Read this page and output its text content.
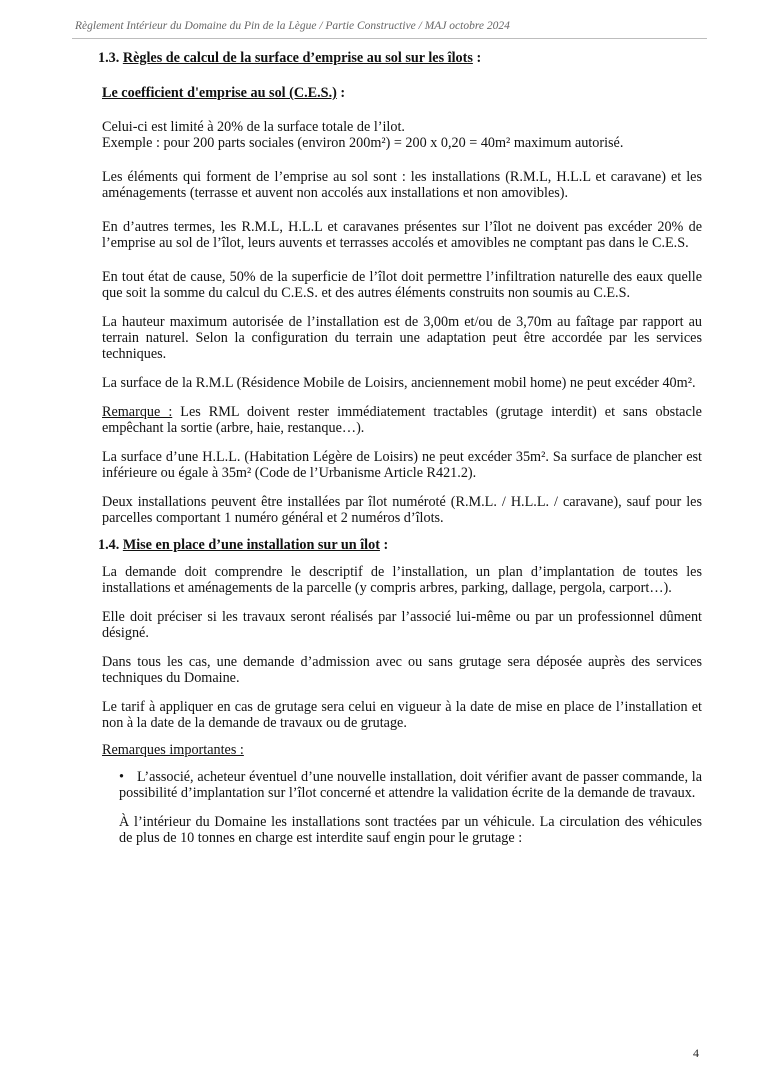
Règlement Intérieur du Domaine du Pin de la Lègue / Partie Constructive / MAJ octobre 2024

1.3. Règles de calcul de la surface d’emprise au sol sur les îlots :

Le coefficient d'emprise au sol (C.E.S.) :

Celui-ci est limité à 20% de la surface totale de l’ilot.
Exemple : pour 200 parts sociales (environ 200m²) = 200 x 0,20 = 40m² maximum autorisé.

Les éléments qui forment de l’emprise au sol sont : les installations (R.M.L, H.L.L et caravane) et les aménagements (terrasse et auvent non accolés aux installations et non amovibles).

En d’autres termes, les R.M.L, H.L.L et caravanes présentes sur l’îlot ne doivent pas excéder 20% de l’emprise au sol de l’îlot, leurs auvents et terrasses accolés et amovibles ne comptant pas dans le C.E.S.

En tout état de cause, 50% de la superficie de l’îlot doit permettre l’infiltration naturelle des eaux quelle que soit la somme du calcul du C.E.S. et des autres éléments construits non soumis au C.E.S.

La hauteur maximum autorisée de l’installation est de 3,00m et/ou de 3,70m au faîtage par rapport au terrain naturel. Selon la configuration du terrain une adaptation peut être accordée par les services techniques.

La surface de la R.M.L (Résidence Mobile de Loisirs, anciennement mobil home) ne peut excéder 40m².

Remarque : Les RML doivent rester immédiatement tractables (grutage interdit) et sans obstacle empêchant la sortie (arbre, haie, restanque…).

La surface d’une H.L.L. (Habitation Légère de Loisirs) ne peut excéder 35m². Sa surface de plancher est inférieure ou égale à 35m² (Code de l’Urbanisme Article R421.2).

Deux installations peuvent être installées par îlot numéroté (R.M.L. / H.L.L. / caravane), sauf pour les parcelles comportant 1 numéro général et 2 numéros d’îlots.

1.4. Mise en place d’une installation sur un îlot :

La demande doit comprendre le descriptif de l’installation, un plan d’implantation de toutes les installations et aménagements de la parcelle (y compris arbres, parking, dallage, pergola, carport…).

Elle doit préciser si les travaux seront réalisés par l’associé lui-même ou par un professionnel dûment désigné.

Dans tous les cas, une demande d’admission avec ou sans grutage sera déposée auprès des services techniques du Domaine.

Le tarif à appliquer en cas de grutage sera celui en vigueur à la date de mise en place de l’installation et non à la date de la demande de travaux ou de grutage.

Remarques importantes :

• L’associé, acheteur éventuel d’une nouvelle installation, doit vérifier avant de passer commande, la possibilité d’implantation sur l’îlot concerné et attendre la validation écrite de la demande de travaux.

À l’intérieur du Domaine les installations sont tractées par un véhicule. La circulation des véhicules de plus de 10 tonnes en charge est interdite sauf engin pour le grutage :

4
